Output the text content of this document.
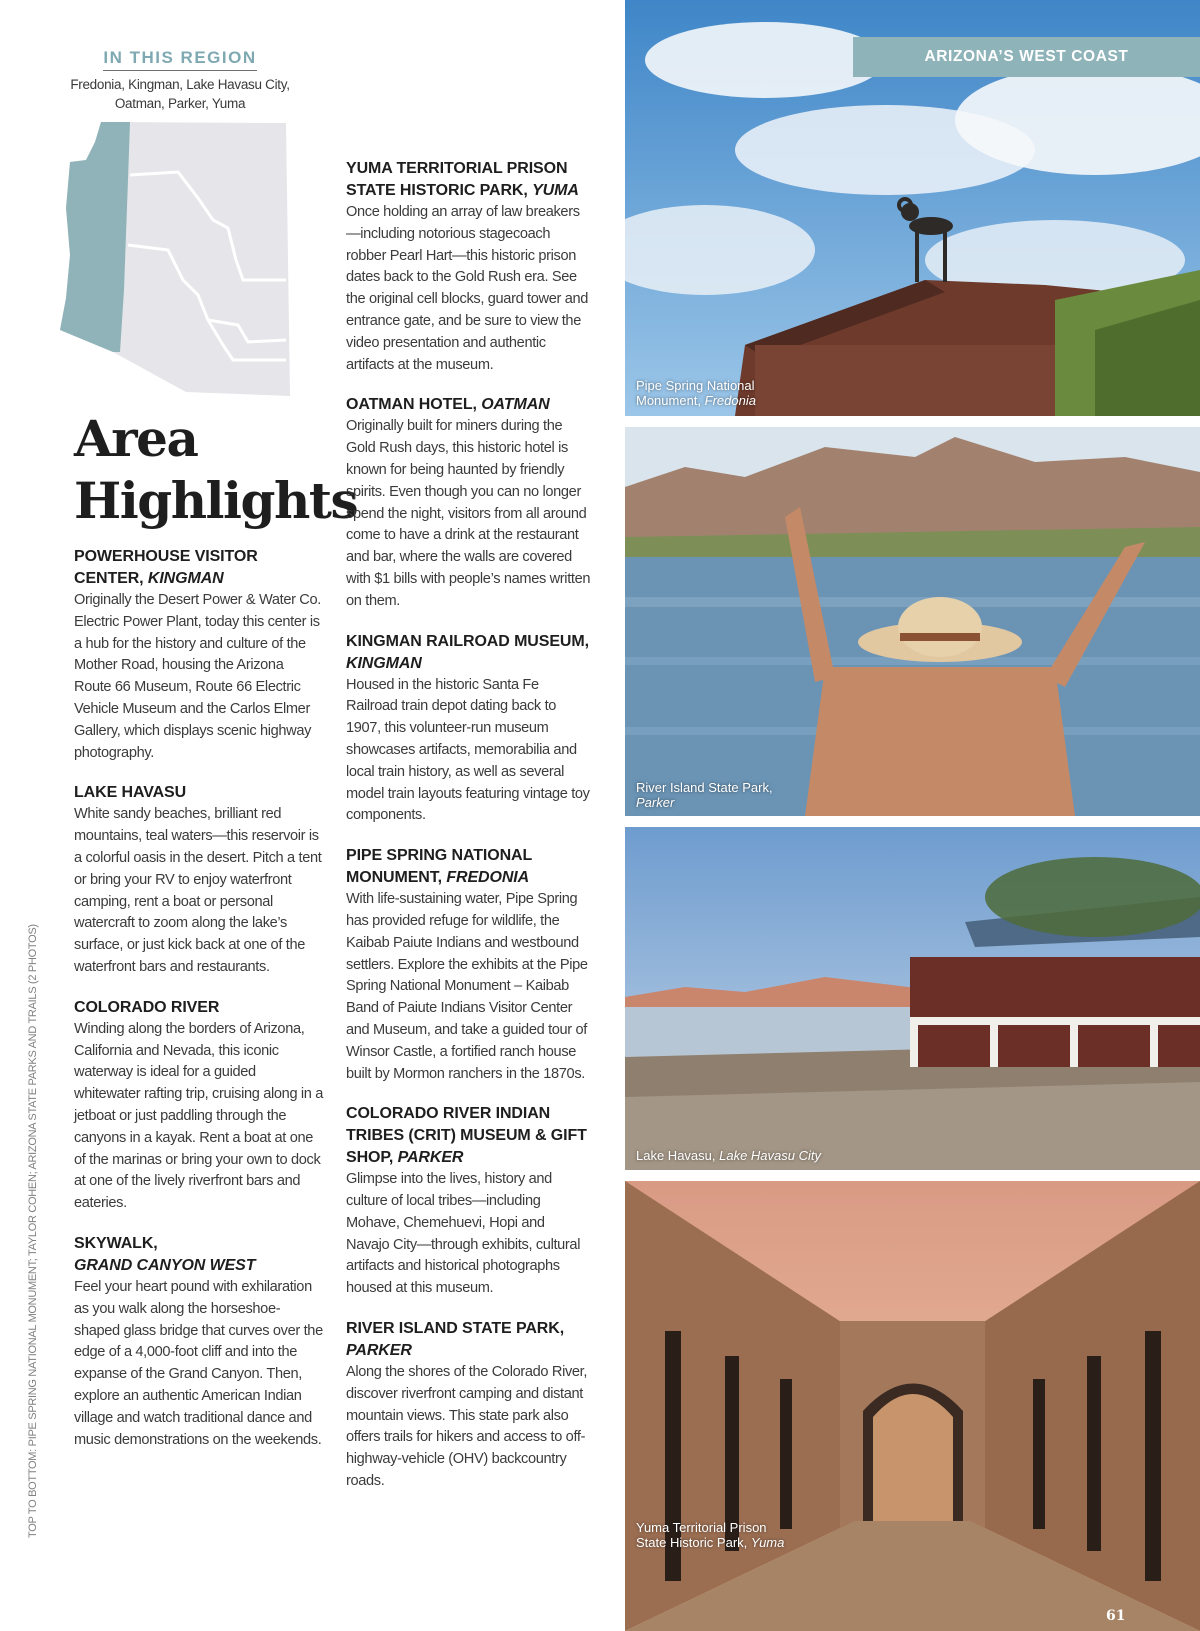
IN THIS REGION
Fredonia, Kingman, Lake Havasu City,
Oatman, Parker, Yuma
Area
Highlights
POWERHOUSE VISITOR CENTER, KINGMAN

Originally the Desert Power & Water Co. Electric Power Plant, today this center is a hub for the history and culture of the Mother Road, housing the Arizona Route 66 Museum, Route 66 Electric Vehicle Museum and the Carlos Elmer Gallery, which displays scenic highway photography.

LAKE HAVASU

White sandy beaches, brilliant red mountains, teal waters—this reservoir is a colorful oasis in the desert. Pitch a tent or bring your RV to enjoy waterfront camping, rent a boat or personal watercraft to zoom along the lake’s surface, or just kick back at one of the waterfront bars and restaurants.

COLORADO RIVER

Winding along the borders of Arizona, California and Nevada, this iconic waterway is ideal for a guided whitewater rafting trip, cruising along in a jetboat or just paddling through the canyons in a kayak. Rent a boat at one of the marinas or bring your own to dock at one of the lively riverfront bars and eateries.

SKYWALK,
GRAND CANYON WEST

Feel your heart pound with exhilaration as you walk along the horseshoe-shaped glass bridge that curves over the edge of a 4,000-foot cliff and into the expanse of the Grand Canyon. Then, explore an authentic American Indian village and watch traditional dance and music demonstrations on the weekends.

YUMA TERRITORIAL PRISON STATE HISTORIC PARK, YUMA

Once holding an array of law breakers—including notorious stagecoach robber Pearl Hart—this historic prison dates back to the Gold Rush era. See the original cell blocks, guard tower and entrance gate, and be sure to view the video presentation and authentic artifacts at the museum.

OATMAN HOTEL, OATMAN

Originally built for miners during the Gold Rush days, this historic hotel is known for being haunted by friendly spirits. Even though you can no longer spend the night, visitors from all around come to have a drink at the restaurant and bar, where the walls are covered with $1 bills with people’s names written on them.

KINGMAN RAILROAD MUSEUM, KINGMAN

Housed in the historic Santa Fe Railroad train depot dating back to 1907, this volunteer-run museum showcases artifacts, memorabilia and local train history, as well as several model train layouts featuring vintage toy components.

PIPE SPRING NATIONAL MONUMENT, FREDONIA

With life-sustaining water, Pipe Spring has provided refuge for wildlife, the Kaibab Paiute Indians and westbound settlers. Explore the exhibits at the Pipe Spring National Monument – Kaibab Band of Paiute Indians Visitor Center and Museum, and take a guided tour of Winsor Castle, a fortified ranch house built by Mormon ranchers in the 1870s.

COLORADO RIVER INDIAN TRIBES (CRIT) MUSEUM & GIFT SHOP, PARKER

Glimpse into the lives, history and culture of local tribes—including Mohave, Chemehuevi, Hopi and Navajo City—through exhibits, cultural artifacts and historical photographs housed at this museum.

RIVER ISLAND STATE PARK,
PARKER

Along the shores of the Colorado River, discover riverfront camping and distant mountain views. This state park also offers trails for hikers and access to off-highway-vehicle (OHV) backcountry roads.

TOP TO BOTTOM: PIPE SPRING NATIONAL MONUMENT; TAYLOR COHEN; ARIZONA STATE PARKS AND TRAILS (2 PHOTOS)
Pipe Spring National
Monument, Fredonia
ARIZONA’S WEST COAST
River Island State Park,
Parker
Lake Havasu, Lake Havasu City
Yuma Territorial Prison
State Historic Park, Yuma
61
